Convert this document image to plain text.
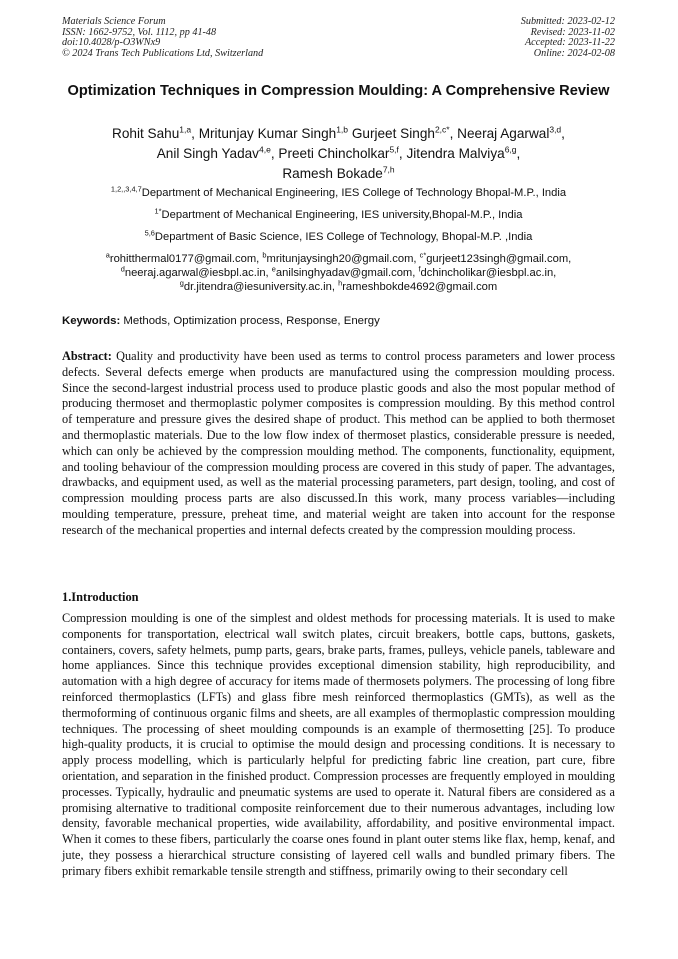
Materials Science Forum
ISSN: 1662-9752, Vol. 1112, pp 41-48
doi:10.4028/p-O3WNx9
© 2024 Trans Tech Publications Ltd, Switzerland
Submitted: 2023-02-12
Revised: 2023-11-02
Accepted: 2023-11-22
Online: 2024-02-08
Optimization Techniques in Compression Moulding: A Comprehensive Review
Rohit Sahu$^{1,a}$, Mritunjay Kumar Singh$^{1,b}$ Gurjeet Singh$^{2,c*}$, Neeraj Agarwal$^{3,d}$,
Anil Singh Yadav$^{4,e}$, Preeti Chincholkar$^{5,f}$, Jitendra Malviya$^{6,g}$,
Ramesh Bokade$^{7,h}$
$^{1,2,,3,4,7}$Department of Mechanical Engineering, IES College of Technology Bhopal-M.P., India
$^{1*}$Department of Mechanical Engineering, IES university,Bhopal-M.P., India
$^{5,6}$Department of Basic Science, IES College of Technology, Bhopal-M.P. ,India
$^a$rohitthermal0177@gmail.com, $^b$mritunjaysingh20@gmail.com, $^{c*}$gurjeet123singh@gmail.com,
$^d$neeraj.agarwal@iesbpl.ac.in, $^e$anilsinghyadav@gmail.com, $^f$dchincholikar@iesbpl.ac.in,
$^g$dr.jitendra@iesuniversity.ac.in, $^h$rameshbokde4692@gmail.com
Keywords: Methods, Optimization process, Response, Energy

Abstract: Quality and productivity have been used as terms to control process parameters and lower process defects. Several defects emerge when products are manufactured using the compression moulding process. Since the second-largest industrial process used to produce plastic goods and also the most popular method of producing thermoset and thermoplastic polymer composites is compression moulding. By this method control of temperature and pressure gives the desired shape of product. This method can be applied to both thermoset and thermoplastic materials. Due to the low flow index of thermoset plastics, considerable pressure is needed, which can only be achieved by the compression moulding method. The components, functionality, equipment, and tooling behaviour of the compression moulding process are covered in this study of paper. The advantages, drawbacks, and equipment used, as well as the material processing parameters, part design, tooling, and cost of compression moulding process parts are also discussed.In this work, many process variables—including moulding temperature, pressure, preheat time, and material weight are taken into account for the response research of the mechanical properties and internal defects created by the compression moulding process.

1.Introduction

Compression moulding is one of the simplest and oldest methods for processing materials. It is used to make components for transportation, electrical wall switch plates, circuit breakers, bottle caps, buttons, gaskets, containers, covers, safety helmets, pump parts, gears, brake parts, frames, pulleys, vehicle panels, tableware and home appliances. Since this technique provides exceptional dimension stability, high reproducibility, and automation with a high degree of accuracy for items made of thermosets polymers. The processing of long fibre reinforced thermoplastics (LFTs) and glass fibre mesh reinforced thermoplastics (GMTs), as well as the thermoforming of continuous organic films and sheets, are all examples of thermoplastic compression moulding techniques. The processing of sheet moulding compounds is an example of thermosetting [25]. To produce high-quality products, it is crucial to optimise the mould design and processing conditions. It is necessary to apply process modelling, which is particularly helpful for predicting fabric line creation, part cure, fibre orientation, and separation in the finished product. Compression processes are frequently employed in moulding processes. Typically, hydraulic and pneumatic systems are used to operate it. Natural fibers are considered as a promising alternative to traditional composite reinforcement due to their numerous advantages, including low density, favorable mechanical properties, wide availability, affordability, and positive environmental impact. When it comes to these fibers, particularly the coarse ones found in plant outer stems like flax, hemp, kenaf, and jute, they possess a hierarchical structure consisting of layered cell walls and bundled primary fibers. The primary fibers exhibit remarkable tensile strength and stiffness, primarily owing to their secondary cell
